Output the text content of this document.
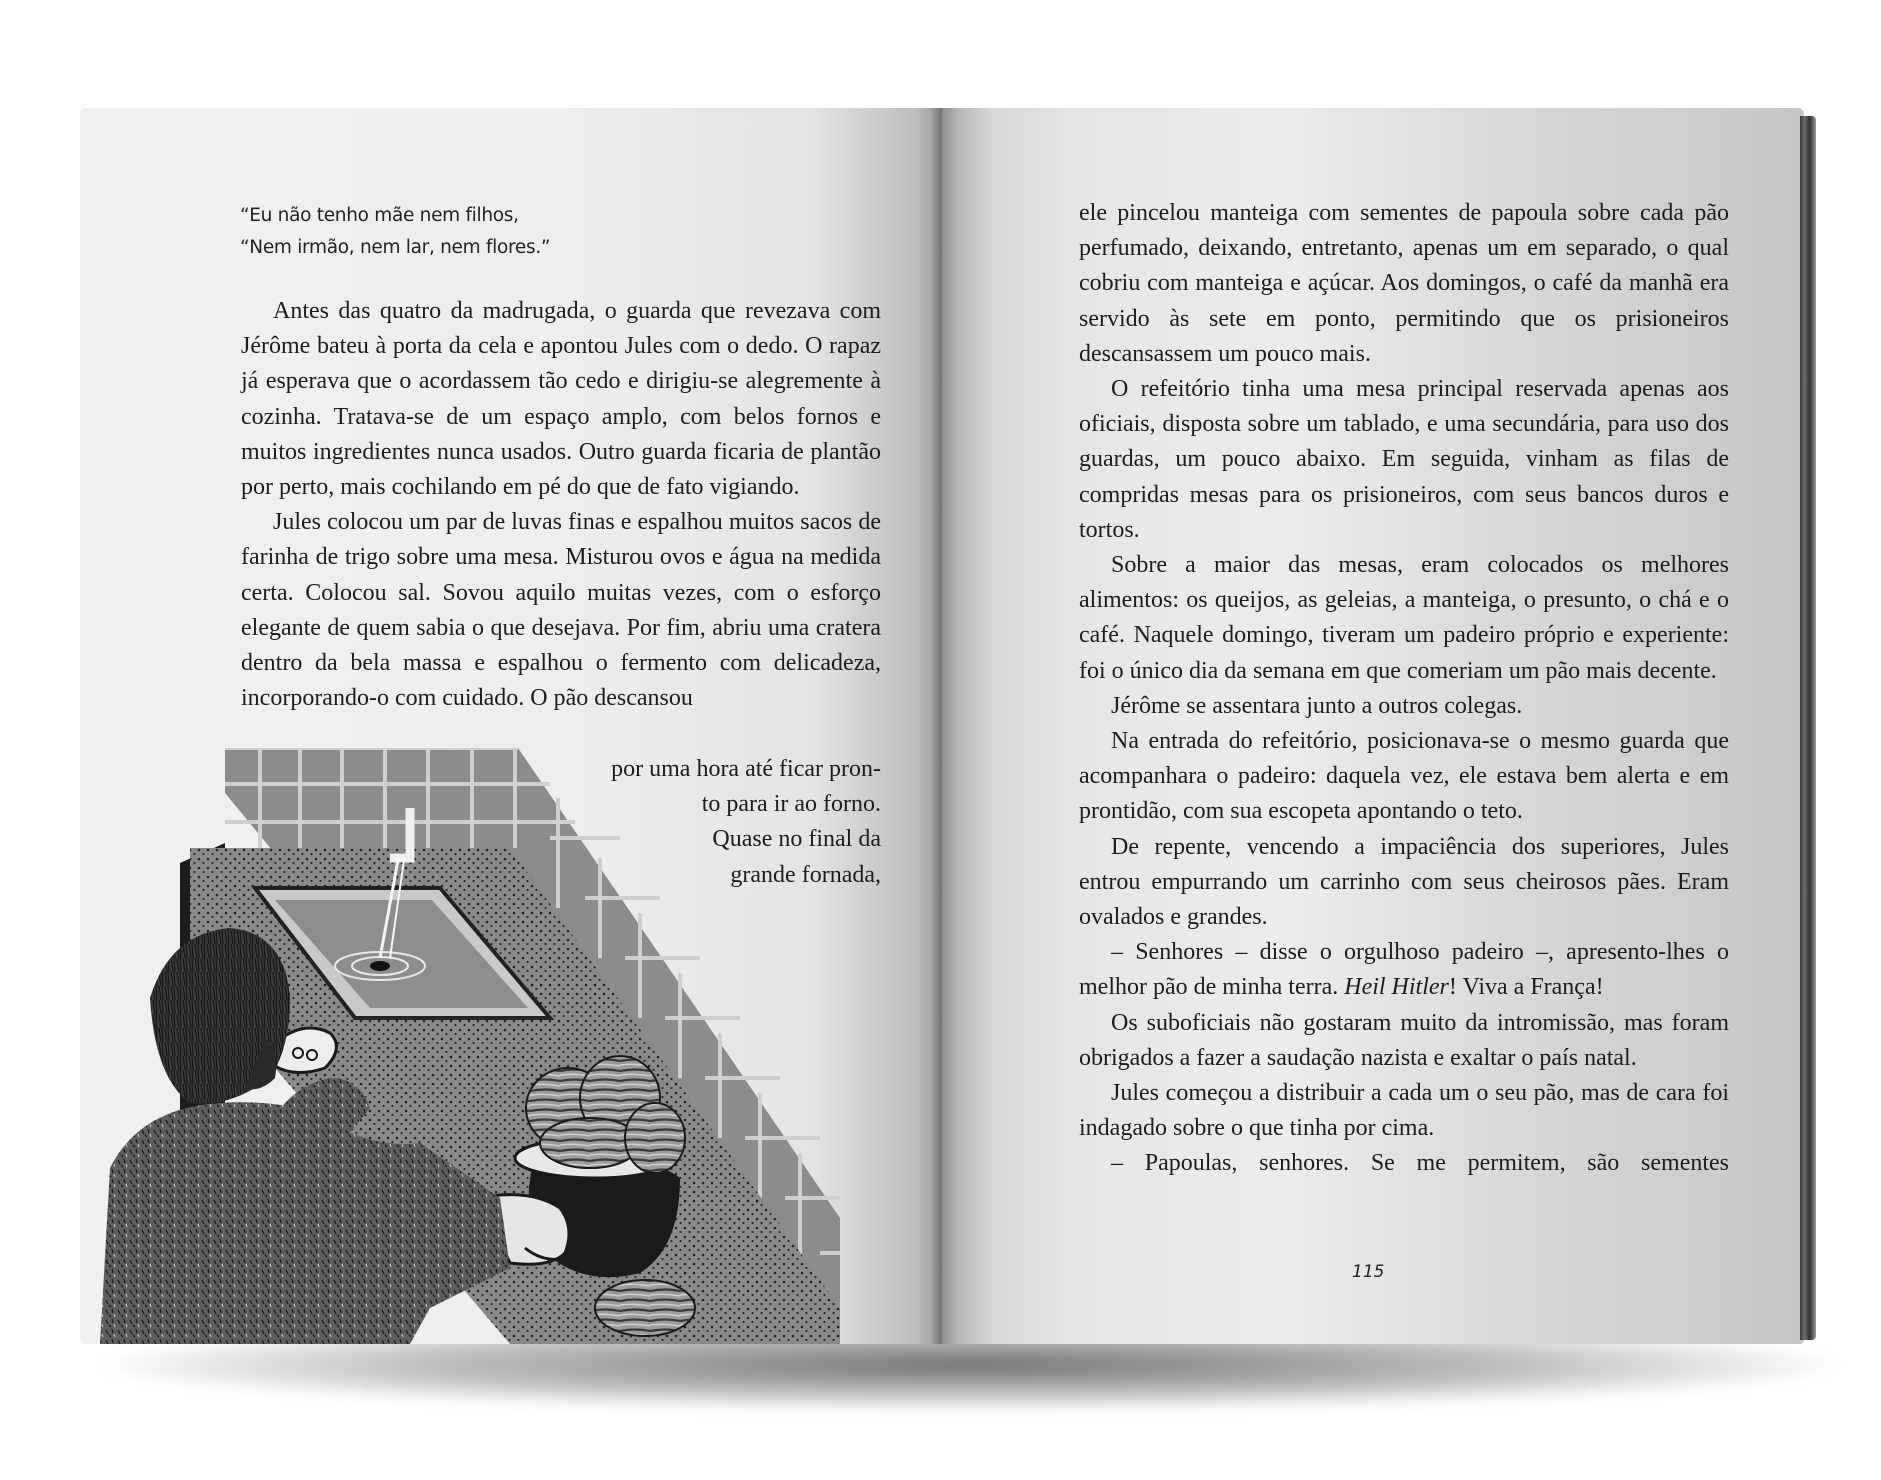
“Eu não tenho mãe nem filhos,
“Nem irmão, nem lar, nem flores.”

Antes das quatro da madrugada, o guarda que revezava com Jérôme bateu à porta da cela e apontou Jules com o dedo. O rapaz já esperava que o acordassem tão cedo e dirigiu-se alegremente à cozinha. Tratava-se de um espaço amplo, com belos fornos e muitos ingredientes nunca usados. Outro guarda ficaria de plantão por perto, mais cochilando em pé do que de fato vigiando.

Jules colocou um par de luvas finas e espalhou muitos sacos de farinha de trigo sobre uma mesa. Misturou ovos e água na medida certa. Colocou sal. Sovou aquilo muitas vezes, com o esforço elegante de quem sabia o que desejava. Por fim, abriu uma cratera dentro da bela massa e espalhou o fermento com delicadeza, incorporando-o com cuidado. O pão descansou

por uma hora até ficar pron-
to para ir ao forno.
Quase no final da
grande fornada,

ele pincelou manteiga com sementes de papoula sobre cada pão perfumado, deixando, entretanto, apenas um em separado, o qual cobriu com manteiga e açúcar. Aos domingos, o café da manhã era servido às sete em ponto, permitindo que os prisioneiros descansassem um pouco mais.

O refeitório tinha uma mesa principal reservada apenas aos oficiais, disposta sobre um tablado, e uma secundária, para uso dos guardas, um pouco abaixo. Em seguida, vinham as filas de compridas mesas para os prisioneiros, com seus bancos duros e tortos.

Sobre a maior das mesas, eram colocados os melhores alimentos: os queijos, as geleias, a manteiga, o presunto, o chá e o café. Naquele domingo, tiveram um padeiro próprio e experiente: foi o único dia da semana em que comeriam um pão mais decente.

Jérôme se assentara junto a outros colegas.

Na entrada do refeitório, posicionava-se o mesmo guarda que acompanhara o padeiro: daquela vez, ele estava bem alerta e em prontidão, com sua escopeta apontando o teto.

De repente, vencendo a impaciência dos superiores, Jules entrou empurrando um carrinho com seus cheirosos pães. Eram ovalados e grandes.

– Senhores – disse o orgulhoso padeiro –, apresento-lhes o melhor pão de minha terra. Heil Hitler! Viva a França!

Os suboficiais não gostaram muito da intromissão, mas foram obrigados a fazer a saudação nazista e exaltar o país natal.

Jules começou a distribuir a cada um o seu pão, mas de cara foi indagado sobre o que tinha por cima.

– Papoulas, senhores. Se me permitem, são sementes

115
